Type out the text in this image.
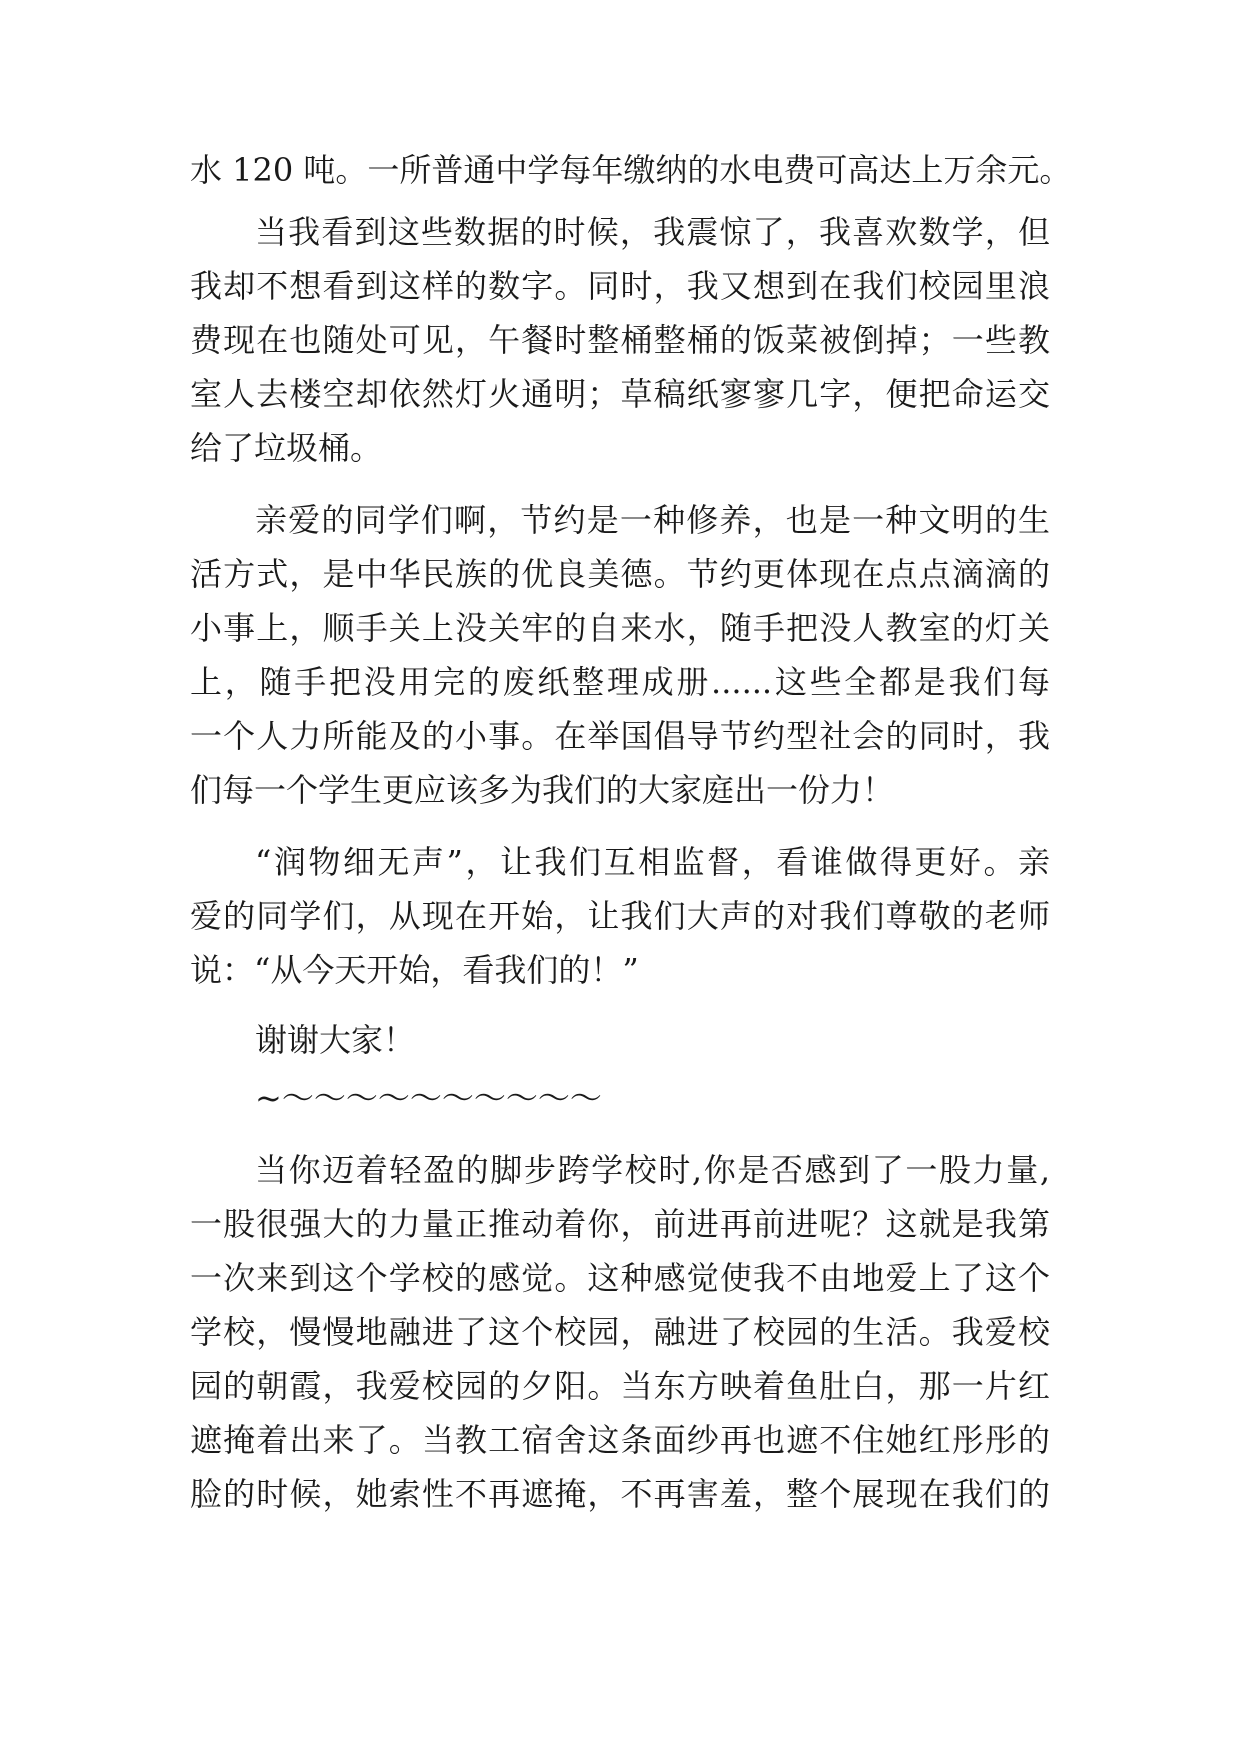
水 120 吨。一所普通中学每年缴纳的水电费可高达上万余元。
当我看到这些数据的时候，我震惊了，我喜欢数学，但
我却不想看到这样的数字。同时，我又想到在我们校园里浪
费现在也随处可见，午餐时整桶整桶的饭菜被倒掉；一些教
室人去楼空却依然灯火通明；草稿纸寥寥几字，便把命运交
给了垃圾桶。
亲爱的同学们啊，节约是一种修养，也是一种文明的生
活方式，是中华民族的优良美德。节约更体现在点点滴滴的
小事上，顺手关上没关牢的自来水，随手把没人教室的灯关
上，随手把没用完的废纸整理成册......这些全都是我们每
一个人力所能及的小事。在举国倡导节约型社会的同时，我
们每一个学生更应该多为我们的大家庭出一份力！
“润物细无声”，让我们互相监督，看谁做得更好。亲
爱的同学们，从现在开始，让我们大声的对我们尊敬的老师
说：“从今天开始，看我们的！”
谢谢大家！
~～～～～～～～～～～
当你迈着轻盈的脚步跨学校时,你是否感到了一股力量,
一股很强大的力量正推动着你，前进再前进呢？这就是我第
一次来到这个学校的感觉。这种感觉使我不由地爱上了这个
学校，慢慢地融进了这个校园，融进了校园的生活。我爱校
园的朝霞，我爱校园的夕阳。当东方映着鱼肚白，那一片红
遮掩着出来了。当教工宿舍这条面纱再也遮不住她红彤彤的
脸的时候，她索性不再遮掩，不再害羞，整个展现在我们的
